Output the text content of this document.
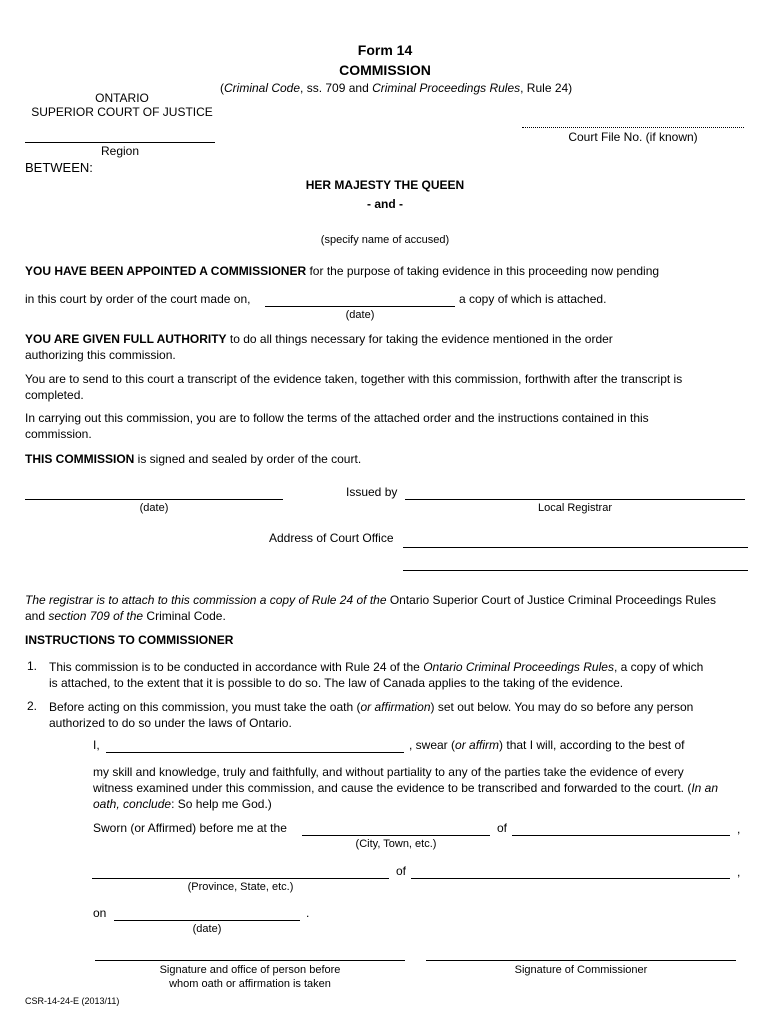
Form 14
COMMISSION
(Criminal Code, ss. 709 and Criminal Proceedings Rules, Rule 24)
ONTARIO
SUPERIOR COURT OF JUSTICE
Region
Court File No. (if known)
BETWEEN:
HER MAJESTY THE QUEEN
- and -
(specify name of accused)
YOU HAVE BEEN APPOINTED A COMMISSIONER for the purpose of taking evidence in this proceeding now pending
in this court by order of the court made on,	a copy of which is attached.
(date)
YOU ARE GIVEN FULL AUTHORITY to do all things necessary for taking the evidence mentioned in the order authorizing this commission.
You are to send to this court a transcript of the evidence taken, together with this commission, forthwith after the transcript is completed.
In carrying out this commission, you are to follow the terms of the attached order and the instructions contained in this commission.
THIS COMMISSION is signed and sealed by order of the court.
(date)
Issued by
Local Registrar
Address of Court Office
The registrar is to attach to this commission a copy of Rule 24 of the Ontario Superior Court of Justice Criminal Proceedings Rules and section 709 of the Criminal Code.
INSTRUCTIONS TO COMMISSIONER
1. This commission is to be conducted in accordance with Rule 24 of the Ontario Criminal Proceedings Rules, a copy of which is attached, to the extent that it is possible to do so. The law of Canada applies to the taking of the evidence.
2. Before acting on this commission, you must take the oath (or affirmation) set out below. You may do so before any person authorized to do so under the laws of Ontario.
I,	, swear (or affirm) that I will, according to the best of
my skill and knowledge, truly and faithfully, and without partiality to any of the parties take the evidence of every witness examined under this commission, and cause the evidence to be transcribed and forwarded to the court. (In an oath, conclude: So help me God.)
Sworn (or Affirmed) before me at the
(City, Town, etc.)
of	,
(Province, State, etc.)
of	,
on	.
(date)
Signature and office of person before
whom oath or affirmation is taken
Signature of Commissioner
CSR-14-24-E (2013/11)
